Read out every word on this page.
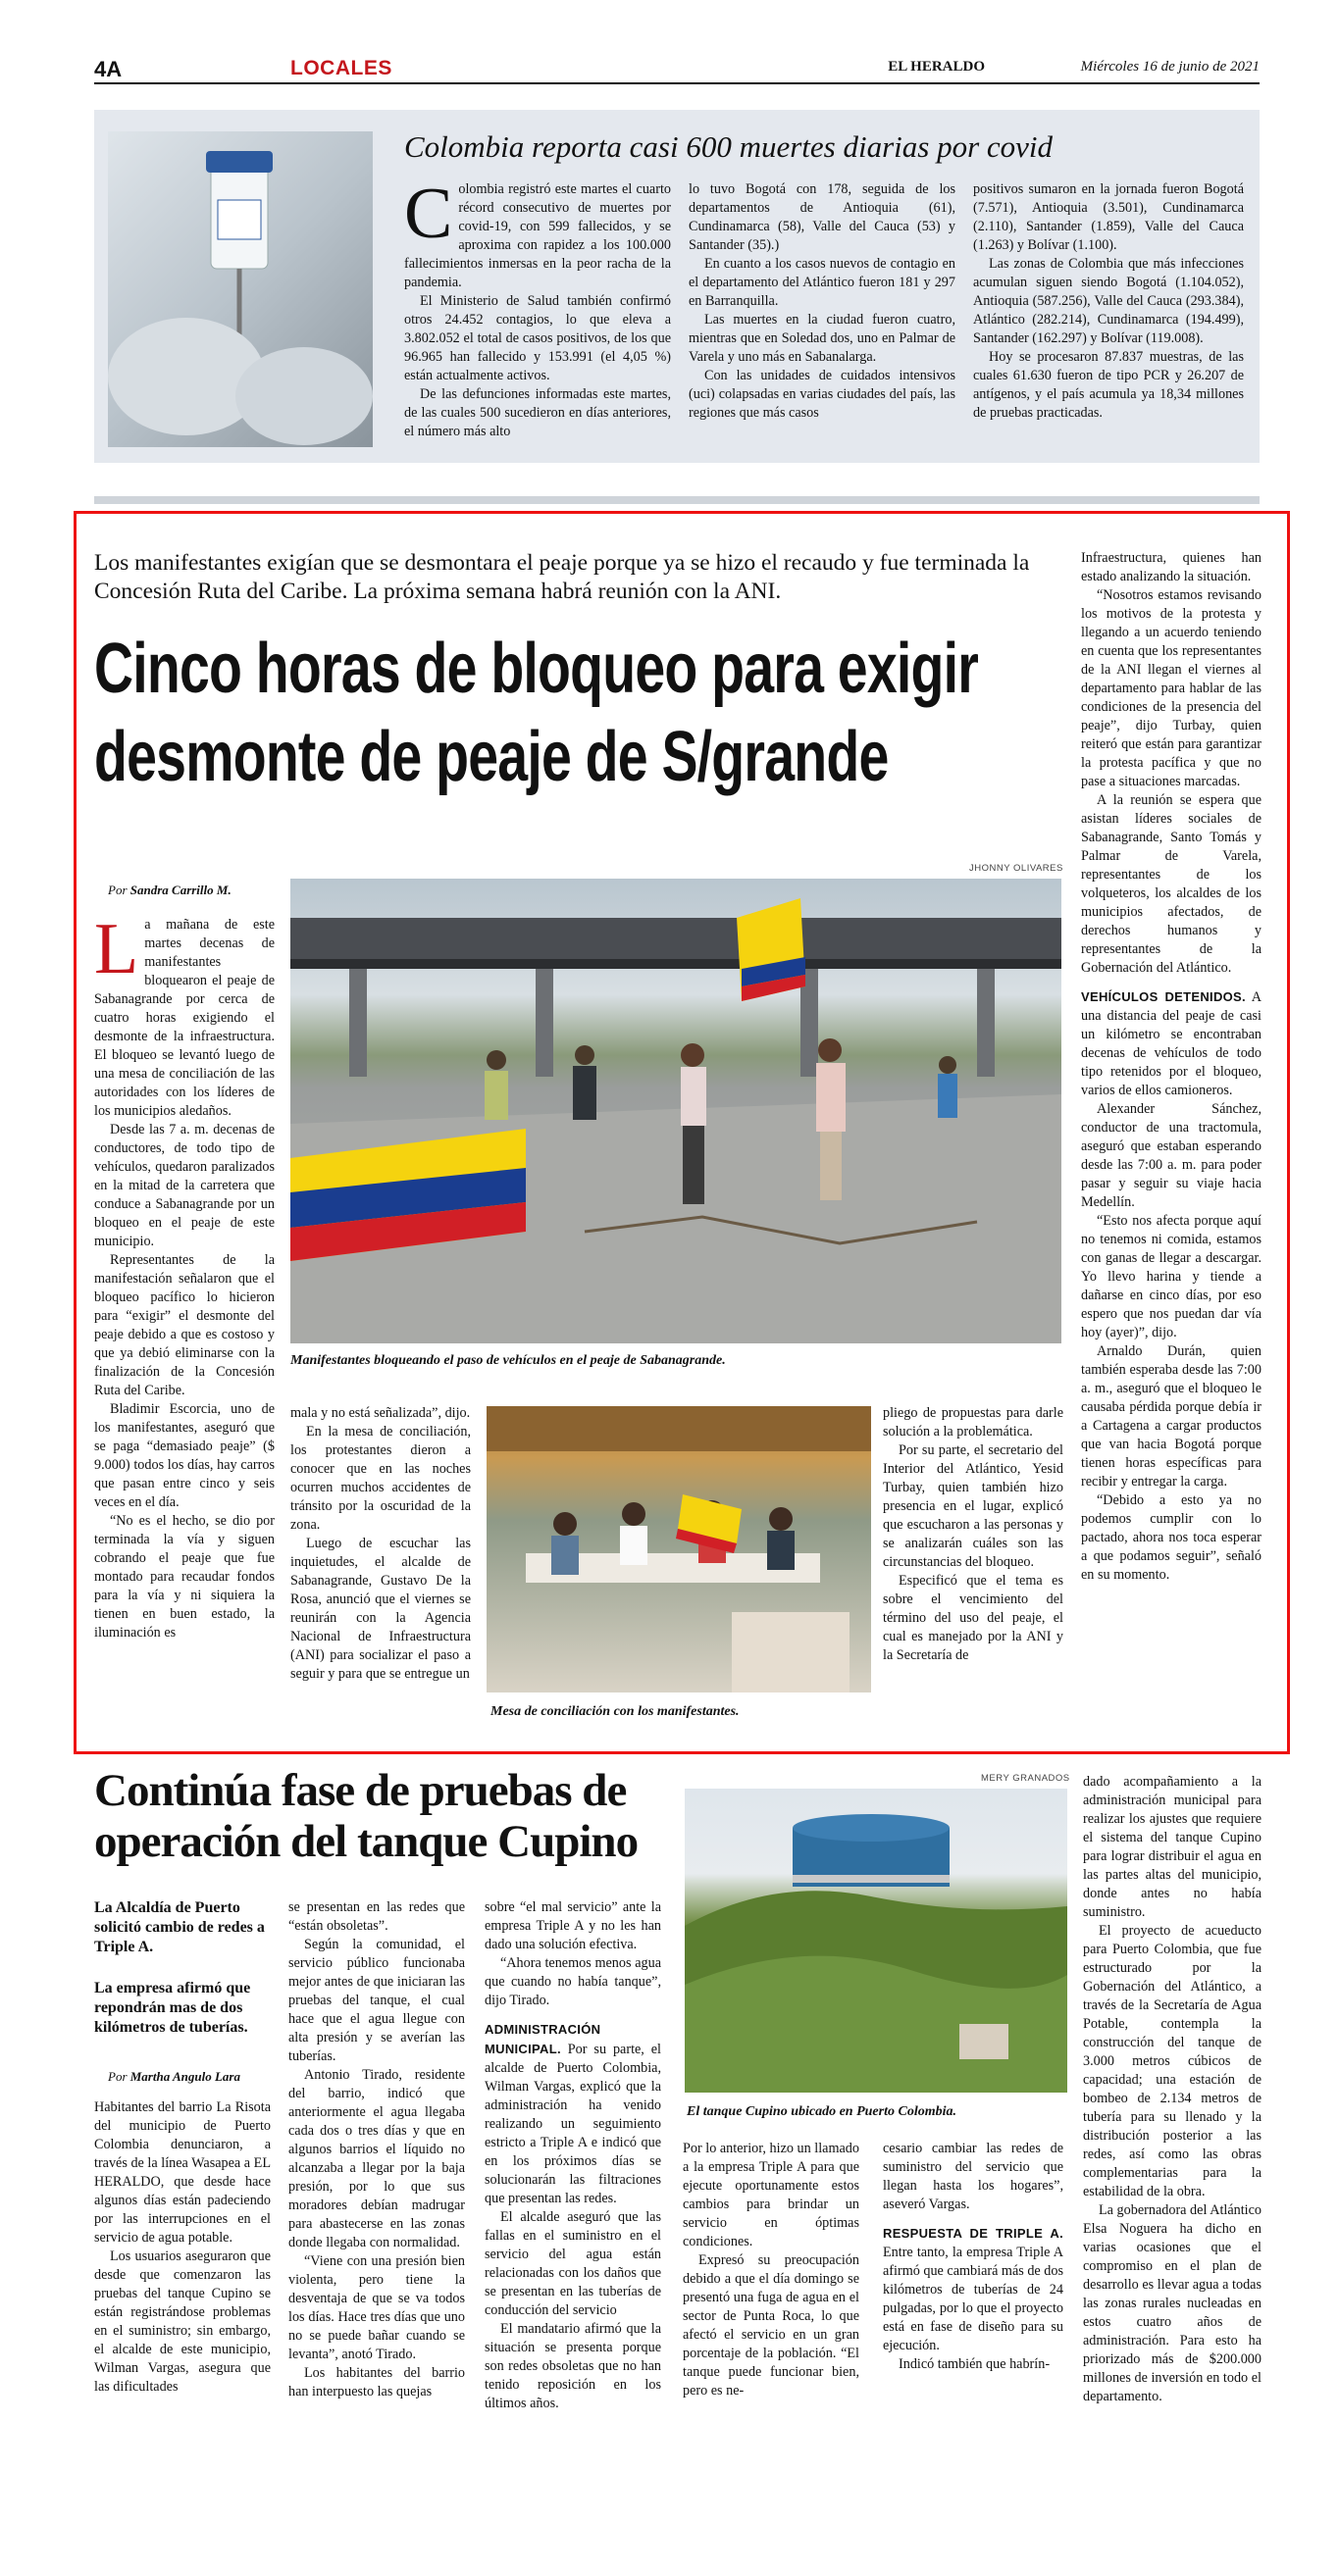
4A	LOCALES	EL HERALDO	Miércoles 16 de junio de 2021
Colombia reporta casi 600 muertes diarias por covid

Colombia registró este martes el cuarto récord consecutivo de muertes por covid-19, con 599 fallecidos, y se aproxima con rapidez a los 100.000 fallecimientos inmersas en la peor racha de la pandemia.

El Ministerio de Salud también confirmó otros 24.452 contagios, lo que eleva a 3.802.052 el total de casos positivos, de los que 96.965 han fallecido y 153.991 (el 4,05 %) están actualmente activos.

De las defunciones informadas este martes, de las cuales 500 sucedieron en días anteriores, el número más alto

lo tuvo Bogotá con 178, seguida de los departamentos de Antioquia (61), Cundinamarca (58), Valle del Cauca (53) y Santander (35).)

En cuanto a los casos nuevos de contagio en el departamento del Atlántico fueron 181 y 297 en Barranquilla.

Las muertes en la ciudad fueron cuatro, mientras que en Soledad dos, uno en Palmar de Varela y uno más en Sabanalarga.

Con las unidades de cuidados intensivos (uci) colapsadas en varias ciudades del país, las regiones que más casos

positivos sumaron en la jornada fueron Bogotá (7.571), Antioquia (3.501), Cundinamarca (2.110), Santander (1.859), Valle del Cauca (1.263) y Bolívar (1.100).

Las zonas de Colombia que más infecciones acumulan siguen siendo Bogotá (1.104.052), Antioquia (587.256), Valle del Cauca (293.384), Atlántico (282.214), Cundinamarca (194.499), Santander (162.297) y Bolívar (119.008).

Hoy se procesaron 87.837 muestras, de las cuales 61.630 fueron de tipo PCR y 26.207 de antígenos, y el país acumula ya 18,34 millones de pruebas practicadas.

Los manifestantes exigían que se desmontara el peaje porque ya se hizo el recaudo y fue terminada la Concesión Ruta del Caribe. La próxima semana habrá reunión con la ANI.
Cinco horas de bloqueo para exigir
desmonte de peaje de S/grande
Por Sandra Carrillo M.

La mañana de este martes decenas de manifestantes bloquearon el peaje de Sabanagrande por cerca de cuatro horas exigiendo el desmonte de la infraestructura. El bloqueo se levantó luego de una mesa de conciliación de las autoridades con los líderes de los municipios aledaños.

Desde las 7 a. m. decenas de conductores, de todo tipo de vehículos, quedaron paralizados en la mitad de la carretera que conduce a Sabanagrande por un bloqueo en el peaje de este municipio.

Representantes de la manifestación señalaron que el bloqueo pacífico lo hicieron para “exigir” el desmonte del peaje debido a que es costoso y que ya debió eliminarse con la finalización de la Concesión Ruta del Caribe.

Bladimir Escorcia, uno de los manifestantes, aseguró que se paga “demasiado peaje” ($ 9.000) todos los días, hay carros que pasan entre cinco y seis veces en el día.

“No es el hecho, se dio por terminada la vía y siguen cobrando el peaje que fue montado para recaudar fondos para la vía y ni siquiera la tienen en buen estado, la iluminación es

JHONNY OLIVARES
Manifestantes bloqueando el paso de vehículos en el peaje de Sabanagrande.

mala y no está señalizada”, dijo.

En la mesa de conciliación, los protestantes dieron a conocer que en las noches ocurren muchos accidentes de tránsito por la oscuridad de la zona.

Luego de escuchar las inquietudes, el alcalde de Sabanagrande, Gustavo De la Rosa, anunció que el viernes se reunirán con la Agencia Nacional de Infraestructura (ANI) para socializar el paso a seguir y para que se entregue un

Mesa de conciliación con los manifestantes.

pliego de propuestas para darle solución a la problemática.

Por su parte, el secretario del Interior del Atlántico, Yesid Turbay, quien también hizo presencia en el lugar, explicó que escucharon a las personas y se analizarán cuáles son las circunstancias del bloqueo.

Especificó que el tema es sobre el vencimiento del término del uso del peaje, el cual es manejado por la ANI y la Secretaría de

Infraestructura, quienes han estado analizando la situación.

“Nosotros estamos revisando los motivos de la protesta y llegando a un acuerdo teniendo en cuenta que los representantes de la ANI llegan el viernes al departamento para hablar de las condiciones de la presencia del peaje”, dijo Turbay, quien reiteró que están para garantizar la protesta pacífica y que no pase a situaciones marcadas.

A la reunión se espera que asistan líderes sociales de Sabanagrande, Santo Tomás y Palmar de Varela, representantes de los volqueteros, los alcaldes de los municipios afectados, de derechos humanos y representantes de la Gobernación del Atlántico.

VEHÍCULOS DETENIDOS. A una distancia del peaje de casi un kilómetro se encontraban decenas de vehículos de todo tipo retenidos por el bloqueo, varios de ellos camioneros.

Alexander Sánchez, conductor de una tractomula, aseguró que estaban esperando desde las 7:00 a. m. para poder pasar y seguir su viaje hacia Medellín.

“Esto nos afecta porque aquí no tenemos ni comida, estamos con ganas de llegar a descargar. Yo llevo harina y tiende a dañarse en cinco días, por eso espero que nos puedan dar vía hoy (ayer)”, dijo.

Arnaldo Durán, quien también esperaba desde las 7:00 a. m., aseguró que el bloqueo le causaba pérdida porque debía ir a Cartagena a cargar productos que van hacia Bogotá porque tienen horas específicas para recibir y entregar la carga.

“Debido a esto ya no podemos cumplir con lo pactado, ahora nos toca esperar a que podamos seguir”, señaló en su momento.

Continúa fase de pruebas de
operación del tanque Cupino
La Alcaldía de Puerto solicitó cambio de redes a Triple A.
La empresa afirmó que repondrán mas de dos kilómetros de tuberías.
Por Martha Angulo Lara

Habitantes del barrio La Risota del municipio de Puerto Colombia denunciaron, a través de la línea Wasapea a EL HERALDO, que desde hace algunos días están padeciendo por las interrupciones en el servicio de agua potable.

Los usuarios aseguraron que desde que comenzaron las pruebas del tanque Cupino se están registrándose problemas en el suministro; sin embargo, el alcalde de este municipio, Wilman Vargas, asegura que las dificultades

se presentan en las redes que “están obsoletas”.

Según la comunidad, el servicio público funcionaba mejor antes de que iniciaran las pruebas del tanque, el cual hace que el agua llegue con alta presión y se averían las tuberías.

Antonio Tirado, residente del barrio, indicó que anteriormente el agua llegaba cada dos o tres días y que en algunos barrios el líquido no alcanzaba a llegar por la baja presión, por lo que sus moradores debían madrugar para abastecerse en las zonas donde llegaba con normalidad.

“Viene con una presión bien violenta, pero tiene la desventaja de que se va todos los días. Hace tres días que uno no se puede bañar cuando se levanta”, anotó Tirado.

Los habitantes del barrio han interpuesto las quejas

sobre “el mal servicio” ante la empresa Triple A y no les han dado una solución efectiva.

“Ahora tenemos menos agua que cuando no había tanque”, dijo Tirado.

ADMINISTRACIÓN MUNICIPAL. Por su parte, el alcalde de Puerto Colombia, Wilman Vargas, explicó que la administración ha venido realizando un seguimiento estricto a Triple A e indicó que en los próximos días se solucionarán las filtraciones que presentan las redes.

El alcalde aseguró que las fallas en el suministro en el servicio del agua están relacionadas con los daños que se presentan en las tuberías de conducción del servicio

El mandatario afirmó que la situación se presenta porque son redes obsoletas que no han tenido reposición en los últimos años.

MERY GRANADOS
El tanque Cupino ubicado en Puerto Colombia.

Por lo anterior, hizo un llamado a la empresa Triple A para que ejecute oportunamente estos cambios para brindar un servicio en óptimas condiciones.

Expresó su preocupación debido a que el día domingo se presentó una fuga de agua en el sector de Punta Roca, lo que afectó el servicio en un gran porcentaje de la población. “El tanque puede funcionar bien, pero es ne-

cesario cambiar las redes de suministro del servicio que llegan hasta los hogares”, aseveró Vargas.

RESPUESTA DE TRIPLE A. Entre tanto, la empresa Triple A afirmó que cambiará más de dos kilómetros de tuberías de 24 pulgadas, por lo que el proyecto está en fase de diseño para su ejecución.

Indicó también que habrín-

dado acompañamiento a la administración municipal para realizar los ajustes que requiere el sistema del tanque Cupino para lograr distribuir el agua en las partes altas del municipio, donde antes no había suministro.

El proyecto de acueducto para Puerto Colombia, que fue estructurado por la Gobernación del Atlántico, a través de la Secretaría de Agua Potable, contempla la construcción del tanque de 3.000 metros cúbicos de capacidad; una estación de bombeo de 2.134 metros de tubería para su llenado y la distribución posterior a las redes, así como las obras complementarias para la estabilidad de la obra.

La gobernadora del Atlántico Elsa Noguera ha dicho en varias ocasiones que el compromiso en el plan de desarrollo es llevar agua a todas las zonas rurales nucleadas en estos cuatro años de administración. Para esto ha priorizado más de $200.000 millones de inversión en todo el departamento.
